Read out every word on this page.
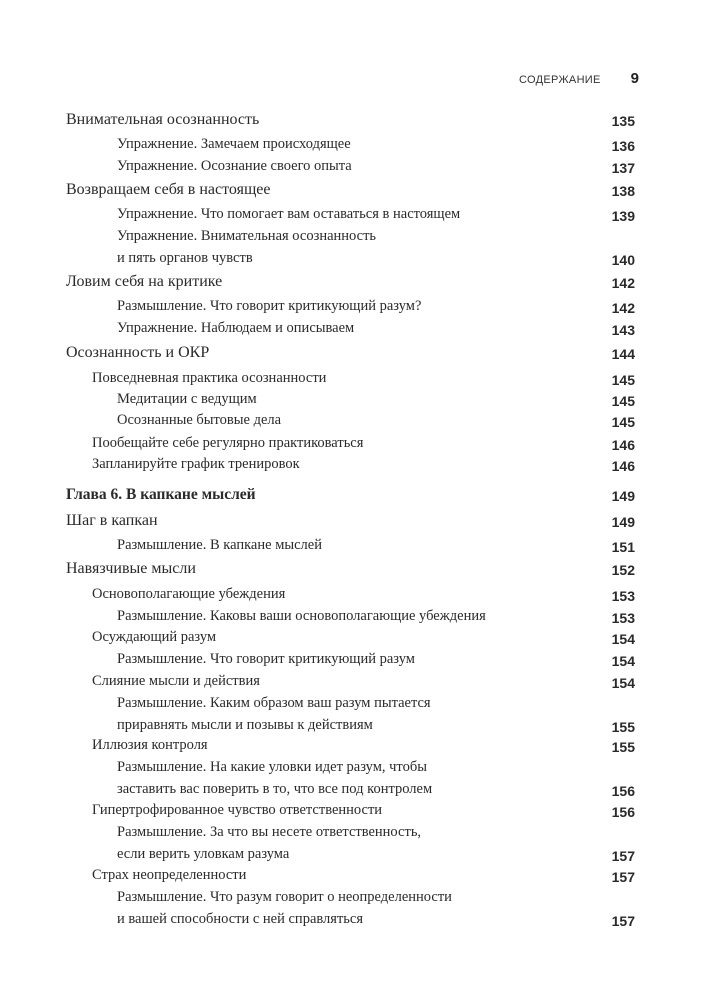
СОДЕРЖАНИЕ 9
Внимательная осознанность	135
Упражнение. Замечаем происходящее	136
Упражнение. Осознание своего опыта	137
Возвращаем себя в настоящее	138
Упражнение. Что помогает вам оставаться в настоящем	139
Упражнение. Внимательная осознанность
и пять органов чувств	140
Ловим себя на критике	142
Размышление. Что говорит критикующий разум?	142
Упражнение. Наблюдаем и описываем	143
Осознанность и ОКР	144
Повседневная практика осознанности	145
Медитации с ведущим	145
Осознанные бытовые дела	145
Пообещайте себе регулярно практиковаться	146
Запланируйте график тренировок	146
Глава 6. В капкане мыслей	149
Шаг в капкан	149
Размышление. В капкане мыслей	151
Навязчивые мысли	152
Основополагающие убеждения	153
Размышление. Каковы ваши основополагающие убеждения	153
Осуждающий разум	154
Размышление. Что говорит критикующий разум	154
Слияние мысли и действия	154
Размышление. Каким образом ваш разум пытается
приравнять мысли и позывы к действиям	155
Иллюзия контроля	155
Размышление. На какие уловки идет разум, чтобы
заставить вас поверить в то, что все под контролем	156
Гипертрофированное чувство ответственности	156
Размышление. За что вы несете ответственность,
если верить уловкам разума	157
Страх неопределенности	157
Размышление. Что разум говорит о неопределенности
и вашей способности с ней справляться	157
